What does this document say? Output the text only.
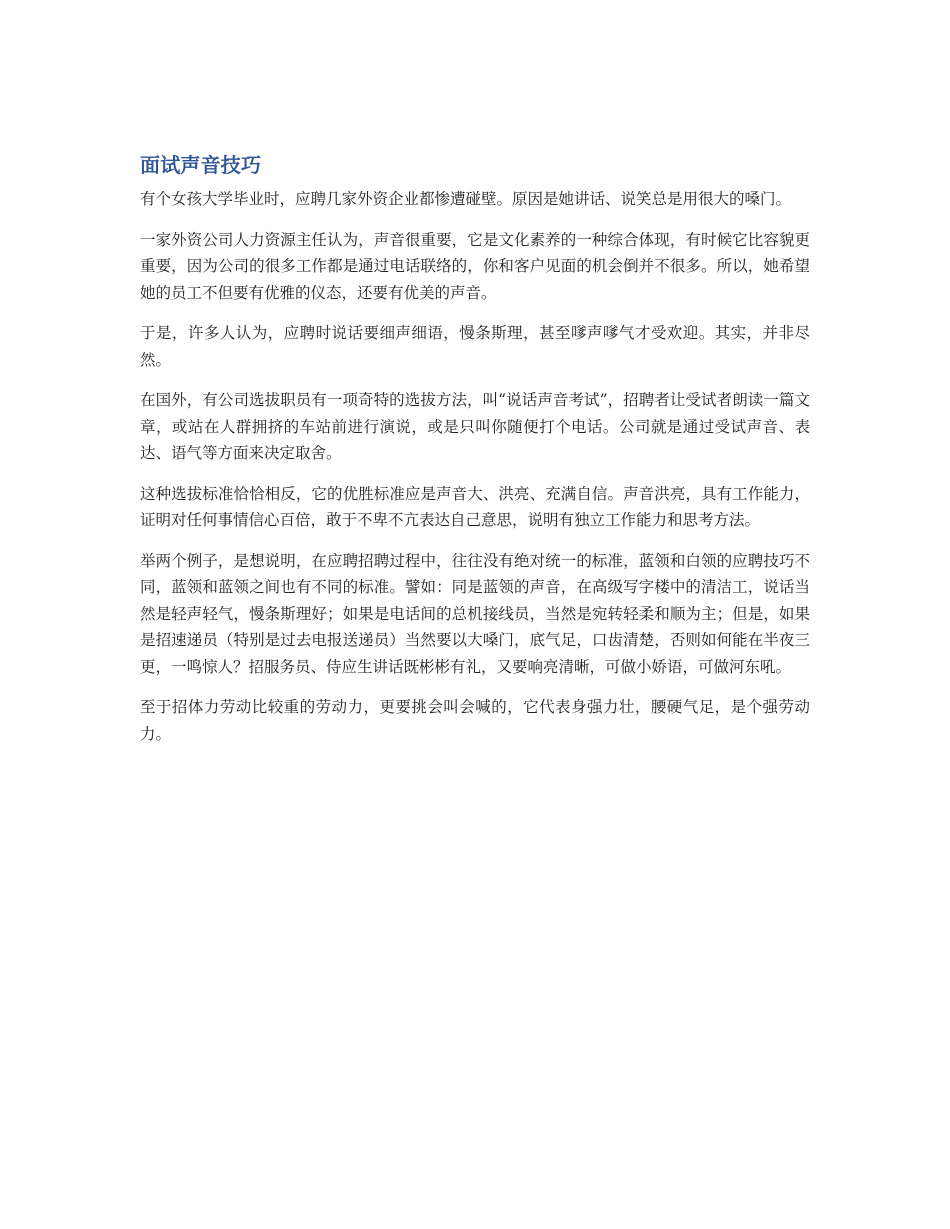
面试声音技巧

有个女孩大学毕业时，应聘几家外资企业都惨遭碰壁。原因是她讲话、说笑总是用很大的嗓门。

一家外资公司人力资源主任认为，声音很重要，它是文化素养的一种综合体现，有时候它比容貌更重要，因为公司的很多工作都是通过电话联络的，你和客户见面的机会倒并不很多。所以，她希望她的员工不但要有优雅的仪态，还要有优美的声音。

于是，许多人认为，应聘时说话要细声细语，慢条斯理，甚至嗲声嗲气才受欢迎。其实，并非尽然。

在国外，有公司选拔职员有一项奇特的选拔方法，叫“说话声音考试”，招聘者让受试者朗读一篇文章，或站在人群拥挤的车站前进行演说，或是只叫你随便打个电话。公司就是通过受试声音、表达、语气等方面来决定取舍。

这种选拔标准恰恰相反，它的优胜标准应是声音大、洪亮、充满自信。声音洪亮，具有工作能力，证明对任何事情信心百倍，敢于不卑不亢表达自己意思，说明有独立工作能力和思考方法。

举两个例子，是想说明，在应聘招聘过程中，往往没有绝对统一的标准，蓝领和白领的应聘技巧不同，蓝领和蓝领之间也有不同的标准。譬如：同是蓝领的声音，在高级写字楼中的清洁工，说话当然是轻声轻气，慢条斯理好；如果是电话间的总机接线员，当然是宛转轻柔和顺为主；但是，如果是招速递员（特别是过去电报送递员）当然要以大嗓门，底气足，口齿清楚，否则如何能在半夜三更，一鸣惊人？招服务员、侍应生讲话既彬彬有礼，又要响亮清晰，可做小娇语，可做河东吼。

至于招体力劳动比较重的劳动力，更要挑会叫会喊的，它代表身强力壮，腰硬气足，是个强劳动力。
